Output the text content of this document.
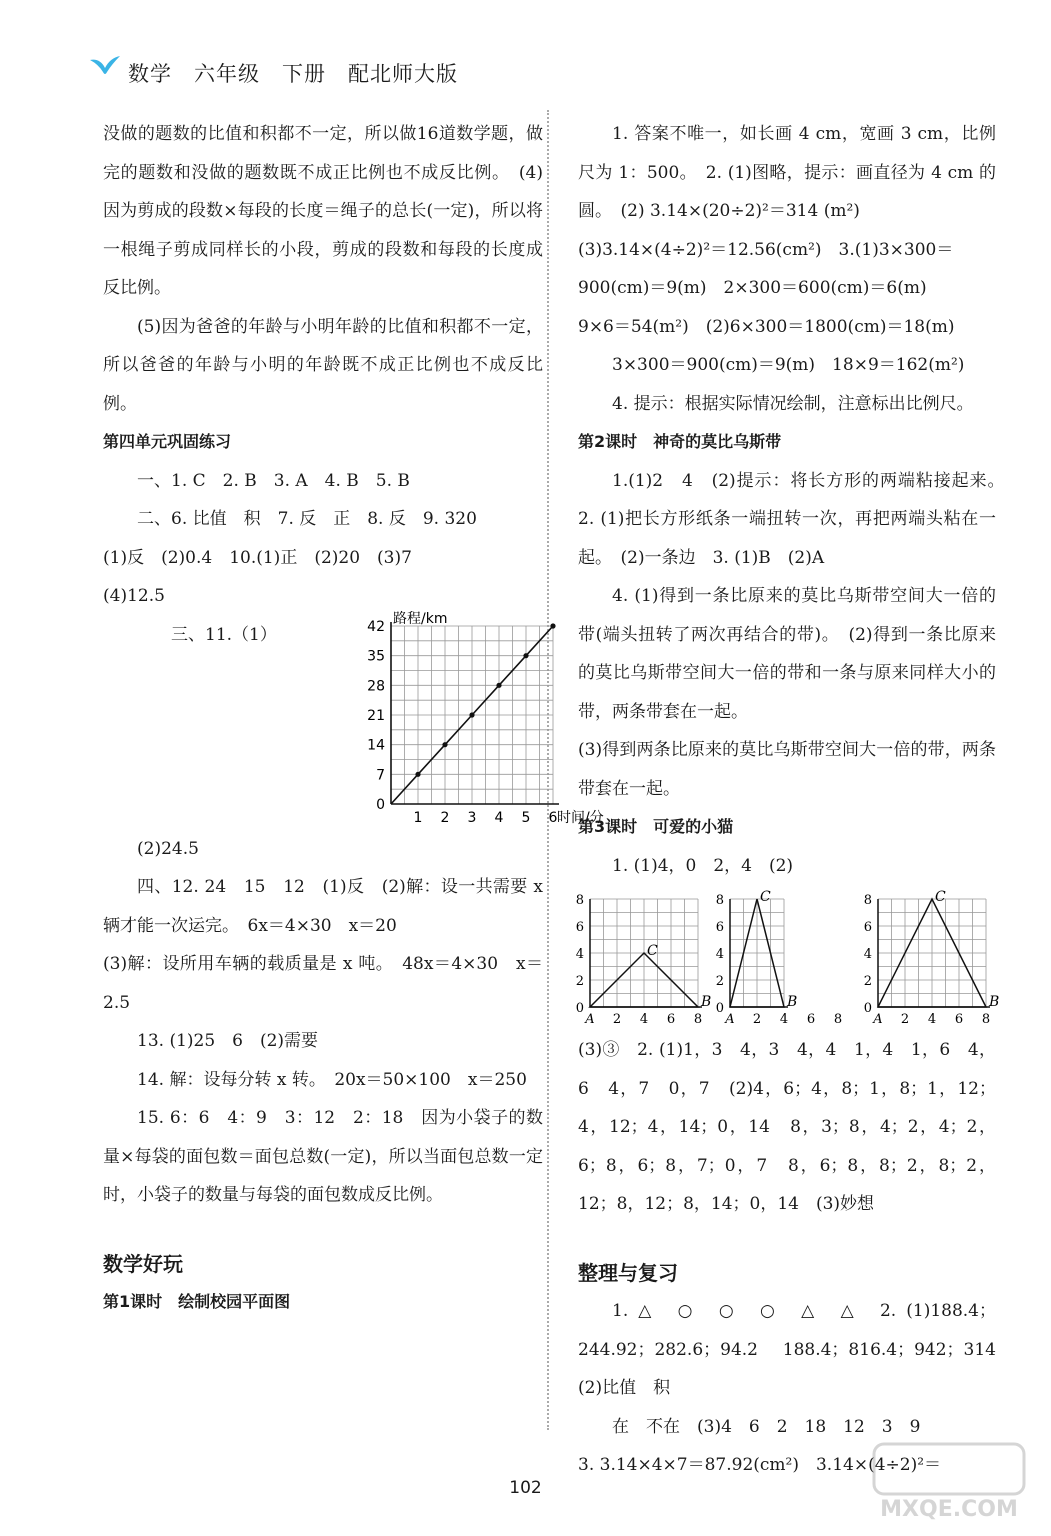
数学　六年级　下册　配北师大版

没做的题数的比值和积都不一定，所以做16道数学题，做完的题数和没做的题数既不成正比例也不成反比例。　(4)因为剪成的段数×每段的长度＝绳子的总长(一定)，所以将一根绳子剪成同样长的小段，剪成的段数和每段的长度成反比例。

(5)因为爸爸的年龄与小明年龄的比值和积都不一定，所以爸爸的年龄与小明的年龄既不成正比例也不成反比例。

第四单元巩固练习

一、1. C　2. B　3. A　4. B　5. B

二、6. 比值　积　7. 反　正　8. 反　9. 320

(1)反　(2)0.4　10.(1)正　(2)20　(3)7

(4)12.5

三、11.（1）
路程/km
时间/分
0
7
14
21
28
35
42
1 2 3 4 5 6

(2)24.5

四、12. 24　15　12　(1)反　(2)解：设一共需要 x 辆才能一次运完。　6x＝4×30　x＝20

(3)解：设所用车辆的载质量是 x 吨。　48x＝4×30　x＝2.5

13. (1)25　6　(2)需要

14. 解：设每分转 x 转。　20x＝50×100　x＝250

15. 6：6　4：9　3：12　2：18　因为小袋子的数量×每袋的面包数＝面包总数(一定)，所以当面包总数一定时，小袋子的数量与每袋的面包数成反比例。

数学好玩

第1课时　绘制校园平面图

1. 答案不唯一，如长画 4 cm，宽画 3 cm，比例尺为 1：500。　2. (1)图略，提示：画直径为 4 cm 的圆。　(2) 3.14×(20÷2)²＝314 (m²)

(3)3.14×(4÷2)²＝12.56(cm²)　3.(1)3×300＝

900(cm)＝9(m)　2×300＝600(cm)＝6(m)

9×6＝54(m²)　(2)6×300＝1800(cm)＝18(m)

3×300＝900(cm)＝9(m)　18×9＝162(m²)

4. 提示：根据实际情况绘制，注意标出比例尺。

第2课时　神奇的莫比乌斯带

1.(1)2　4　(2)提示：将长方形的两端粘接起来。　2. (1)把长方形纸条一端扭转一次，再把两端头粘在一起。　(2)一条边　3. (1)B　(2)A

4. (1)得到一条比原来的莫比乌斯带空间大一倍的带(端头扭转了两次再结合的带)。　(2)得到一条比原来的莫比乌斯带空间大一倍的带和一条与原来同样大小的带，两条带套在一起。

(3)得到两条比原来的莫比乌斯带空间大一倍的带，两条带套在一起。

第3课时　可爱的小猫

1. (1)4，0　2，4　(2)

0
2
4
6
8
A 2 4 6 8
B
C
0
2
4
6
8
A 2 4 6 8
B
C
0
2
4
6
8
A 2 4 6 8
B
C

(3)③　2. (1)1，3　4，3　4，4　1，4　1，6　4，6　4，7　0，7　(2)4，6；4，8；1，8；1，12；4，12；4，14；0，14　8，3；8，4；2，4；2，6；8，6；8，7；0，7　8，6；8，8；2，8；2，12；8，12；8，14；0，14　(3)妙想

整理与复习

1. △　○　○　○　△　△　2. (1)188.4；244.92；282.6；94.2　188.4；816.4；942；314　(2)比值　积

在　不在　(3)4　6　2　18　12　3　9

3. 3.14×4×7＝87.92(cm²)　3.14×(4÷2)²＝

102
MXQE.COM
